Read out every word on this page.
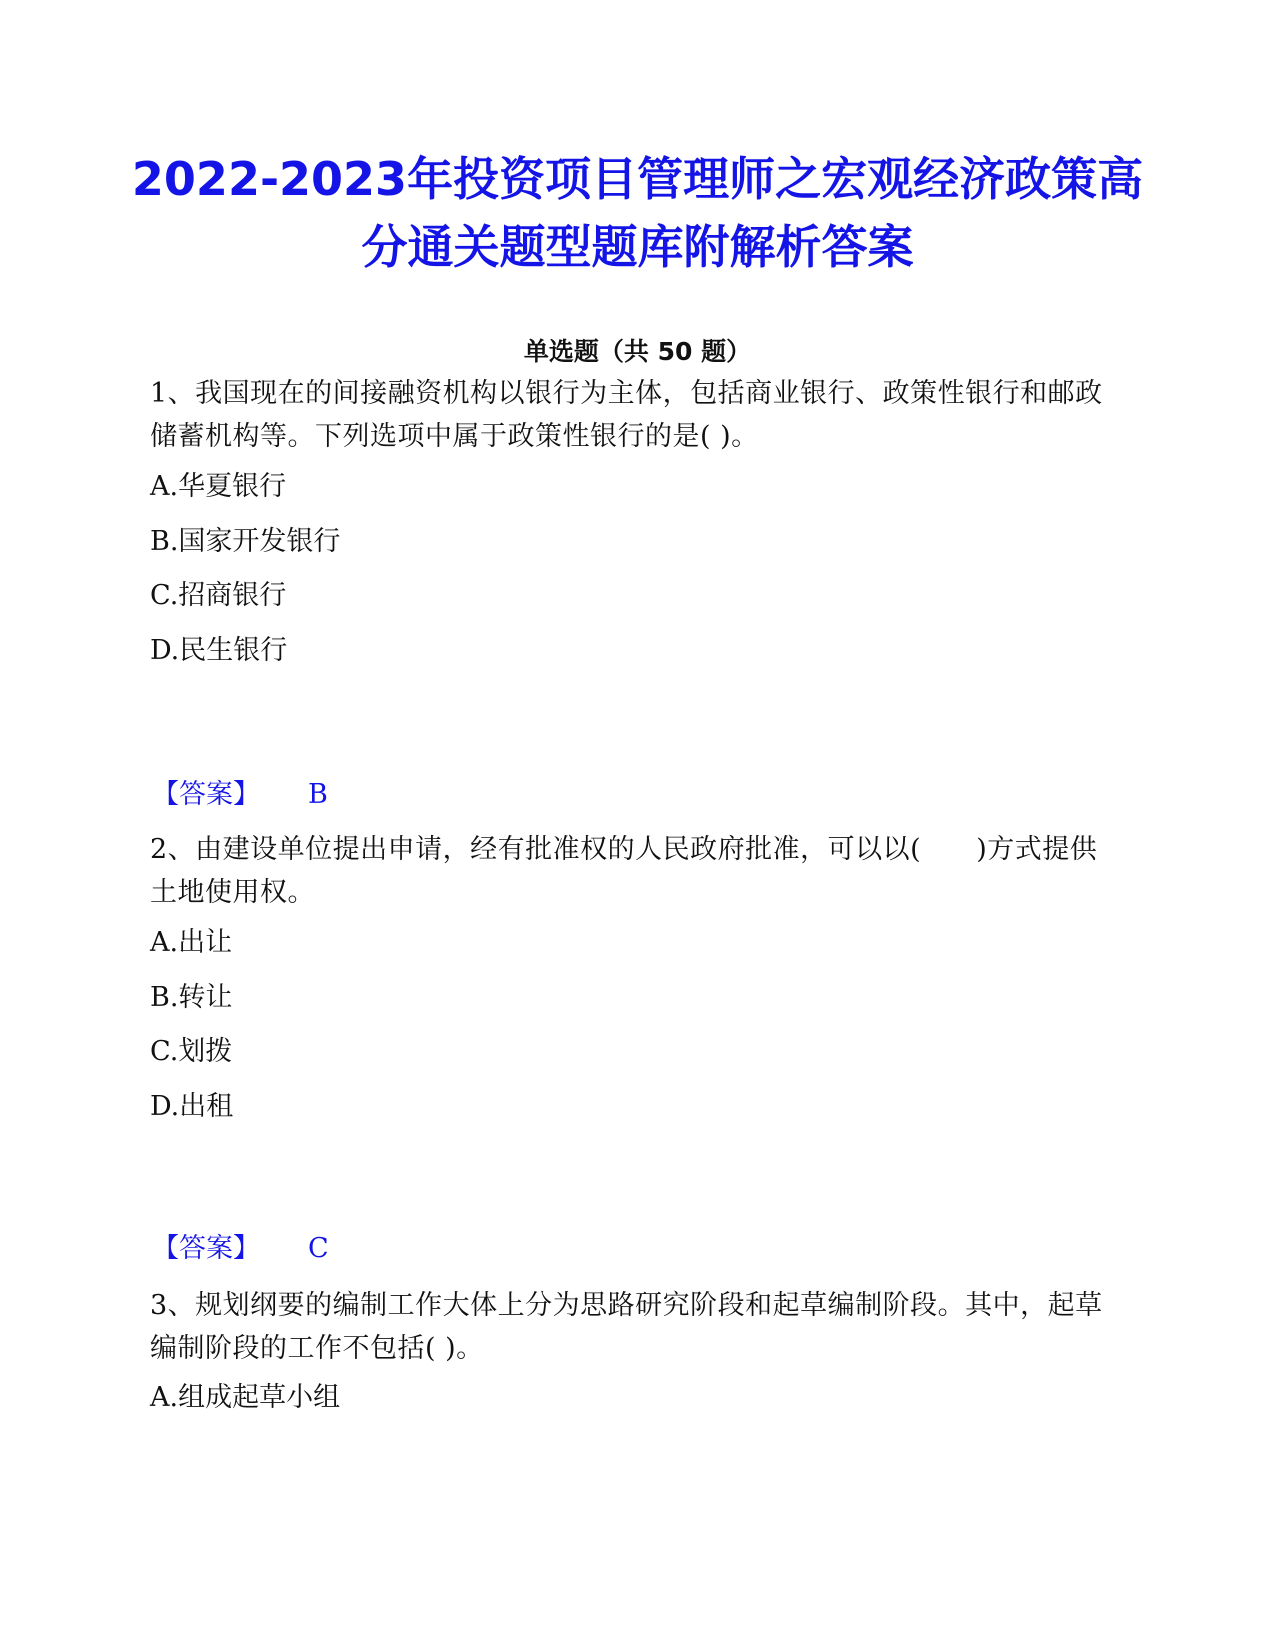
2022-2023年投资项目管理师之宏观经济政策高分通关题型题库附解析答案
单选题（共 50 题）

1、我国现在的间接融资机构以银行为主体，包括商业银行、政策性银行和邮政储蓄机构等。下列选项中属于政策性银行的是( )。

A.华夏银行

B.国家开发银行

C.招商银行

D.民生银行

【答案】 B

2、由建设单位提出申请，经有批准权的人民政府批准，可以以(　　)方式提供土地使用权。

A.出让

B.转让

C.划拨

D.出租

【答案】 C

3、规划纲要的编制工作大体上分为思路研究阶段和起草编制阶段。其中，起草编制阶段的工作不包括( )。

A.组成起草小组
